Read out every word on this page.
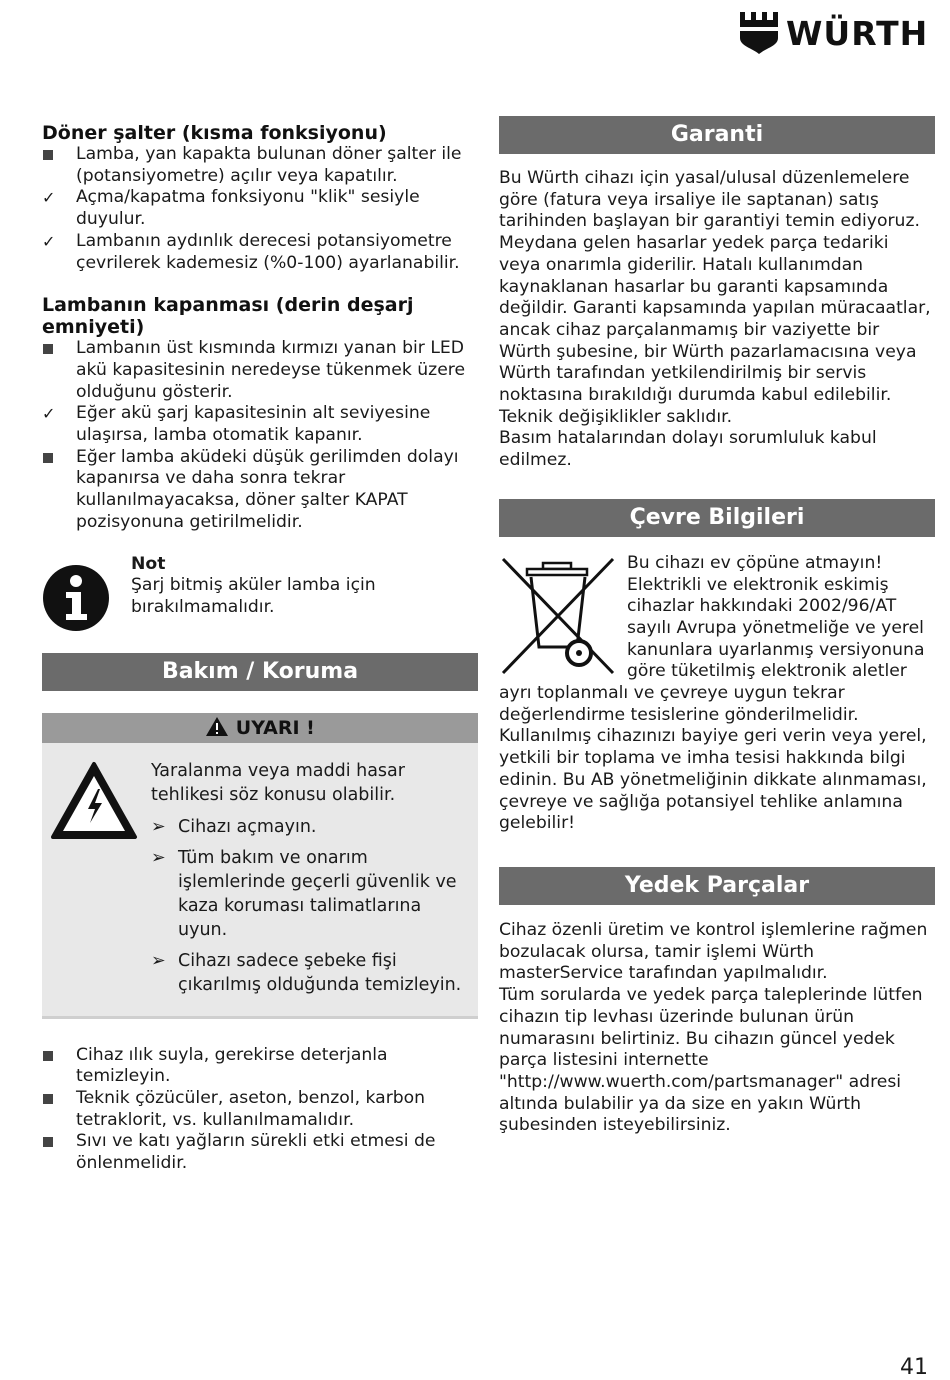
WÜRTH
Döner şalter (kısma fonksiyonu)
Lamba, yan kapakta bulunan döner şalter ile (potansiyometre) açılır veya kapatılır.
✓ Açma/kapatma fonksiyonu "klik" sesiyle duyulur.
✓ Lambanın aydınlık derecesi potansiyometre çevrilerek kademesiz (%0-100) ayarlanabilir.
Lambanın kapanması (derin deşarj emniyeti)
Lambanın üst kısmında kırmızı yanan bir LED akü kapasitesinin neredeyse tükenmek üzere olduğunu gösterir.
✓ Eğer akü şarj kapasitesinin alt seviyesine ulaşırsa, lamba otomatik kapanır.
Eğer lamba aküdeki düşük gerilimden dolayı kapanırsa ve daha sonra tekrar kullanılmayacaksa, döner şalter KAPAT pozisyonuna getirilmelidir.
Not
Şarj bitmiş aküler lamba için bırakılmamalıdır.
Bakım / Koruma
UYARI !

Yaralanma veya maddi hasar tehlikesi söz konusu olabilir.

➢ Cihazı açmayın.
➢ Tüm bakım ve onarım işlemlerinde geçerli güvenlik ve kaza koruması talimatlarına uyun.
➢ Cihazı sadece şebeke fişi çıkarılmış olduğunda temizleyin.
Cihaz ılık suyla, gerekirse deterjanla temizleyin.
Teknik çözücüler, aseton, benzol, karbon tetraklorit, vs. kullanılmamalıdır.
Sıvı ve katı yağların sürekli etki etmesi de önlenmelidir.
Garanti

Bu Würth cihazı için yasal/ulusal düzenlemelere göre (fatura veya irsaliye ile saptanan) satış tarihinden başlayan bir garantiyi temin ediyoruz. Meydana gelen hasarlar yedek parça tedariki veya onarımla giderilir. Hatalı kullanımdan kaynaklanan hasarlar bu garanti kapsamında değildir. Garanti kapsamında yapılan müracaatlar, ancak cihaz parçalanmamış bir vaziyette bir Würth şubesine, bir Würth pazarlamacısına veya Würth tarafından yetkilendirilmiş bir servis noktasına bırakıldığı durumda kabul edilebilir.

Teknik değişiklikler saklıdır.

Basım hatalarından dolayı sorumluluk kabul edilmez.

Çevre Bilgileri

Bu cihazı ev çöpüne atmayın! Elektrikli ve elektronik eskimiş cihazlar hakkındaki 2002/96/AT sayılı Avrupa yönetmeliğe ve yerel kanunlara uyarlanmış versiyonuna göre tüketilmiş elektronik aletler ayrı toplanmalı ve çevreye uygun tekrar değerlendirme tesislerine gönderilmelidir. Kullanılmış cihazınızı bayiye geri verin veya yerel, yetkili bir toplama ve imha tesisi hakkında bilgi edinin. Bu AB yönetmeliğinin dikkate alınmaması, çevreye ve sağlığa potansiyel tehlike anlamına gelebilir!

Yedek Parçalar

Cihaz özenli üretim ve kontrol işlemlerine rağmen bozulacak olursa, tamir işlemi Würth masterService tarafından yapılmalıdır.

Tüm sorularda ve yedek parça taleplerinde lütfen cihazın tip levhası üzerinde bulunan ürün numarasını belirtiniz. Bu cihazın güncel yedek parça listesini internette "http://www.wuerth.com/partsmanager" adresi altında bulabilir ya da size en yakın Würth şubesinden isteyebilirsiniz.

41
